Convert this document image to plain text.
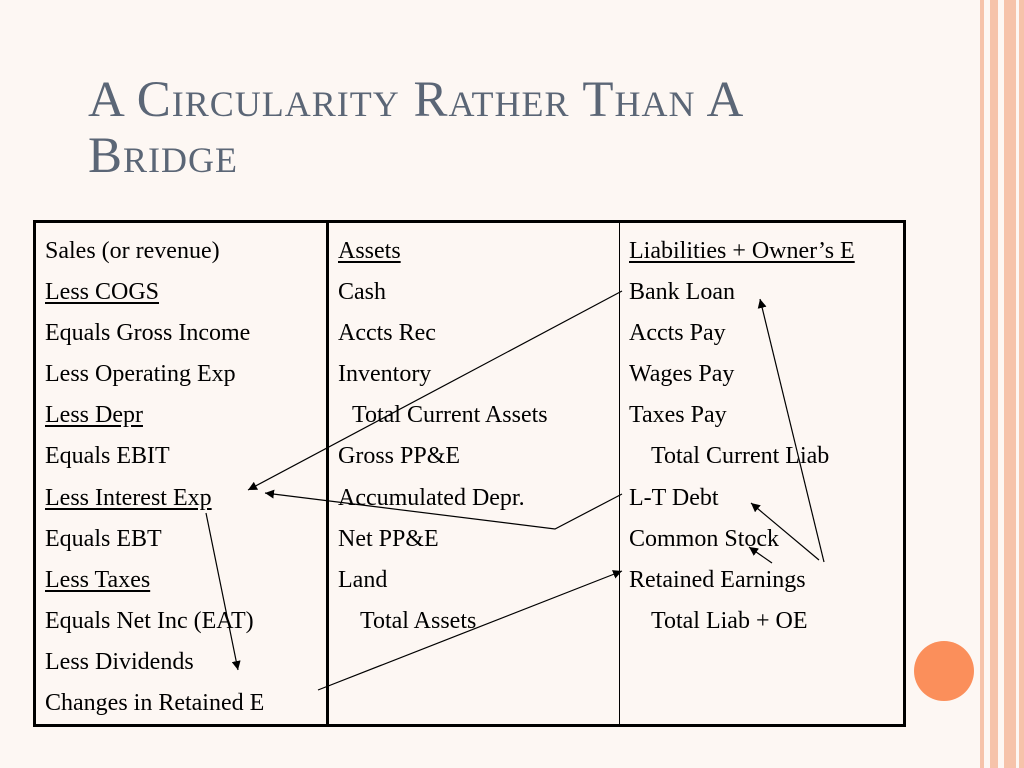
A Circularity Rather Than A Bridge
Sales (or revenue)
Less COGS
Equals Gross Income
Less Operating Exp
Less Depr
Equals EBIT
Less Interest Exp
Equals EBT
Less Taxes
Equals Net Inc (EAT)
Less Dividends
Changes in Retained E

Assets
Cash
Accts Rec
Inventory
Total Current Assets
Gross PP&E
Accumulated Depr.
Net PP&E
Land
Total Assets

Liabilities + Owner’s E
Bank Loan
Accts Pay
Wages Pay
Taxes Pay
Total Current Liab
L-T Debt
Common Stock
Retained Earnings
Total Liab + OE
